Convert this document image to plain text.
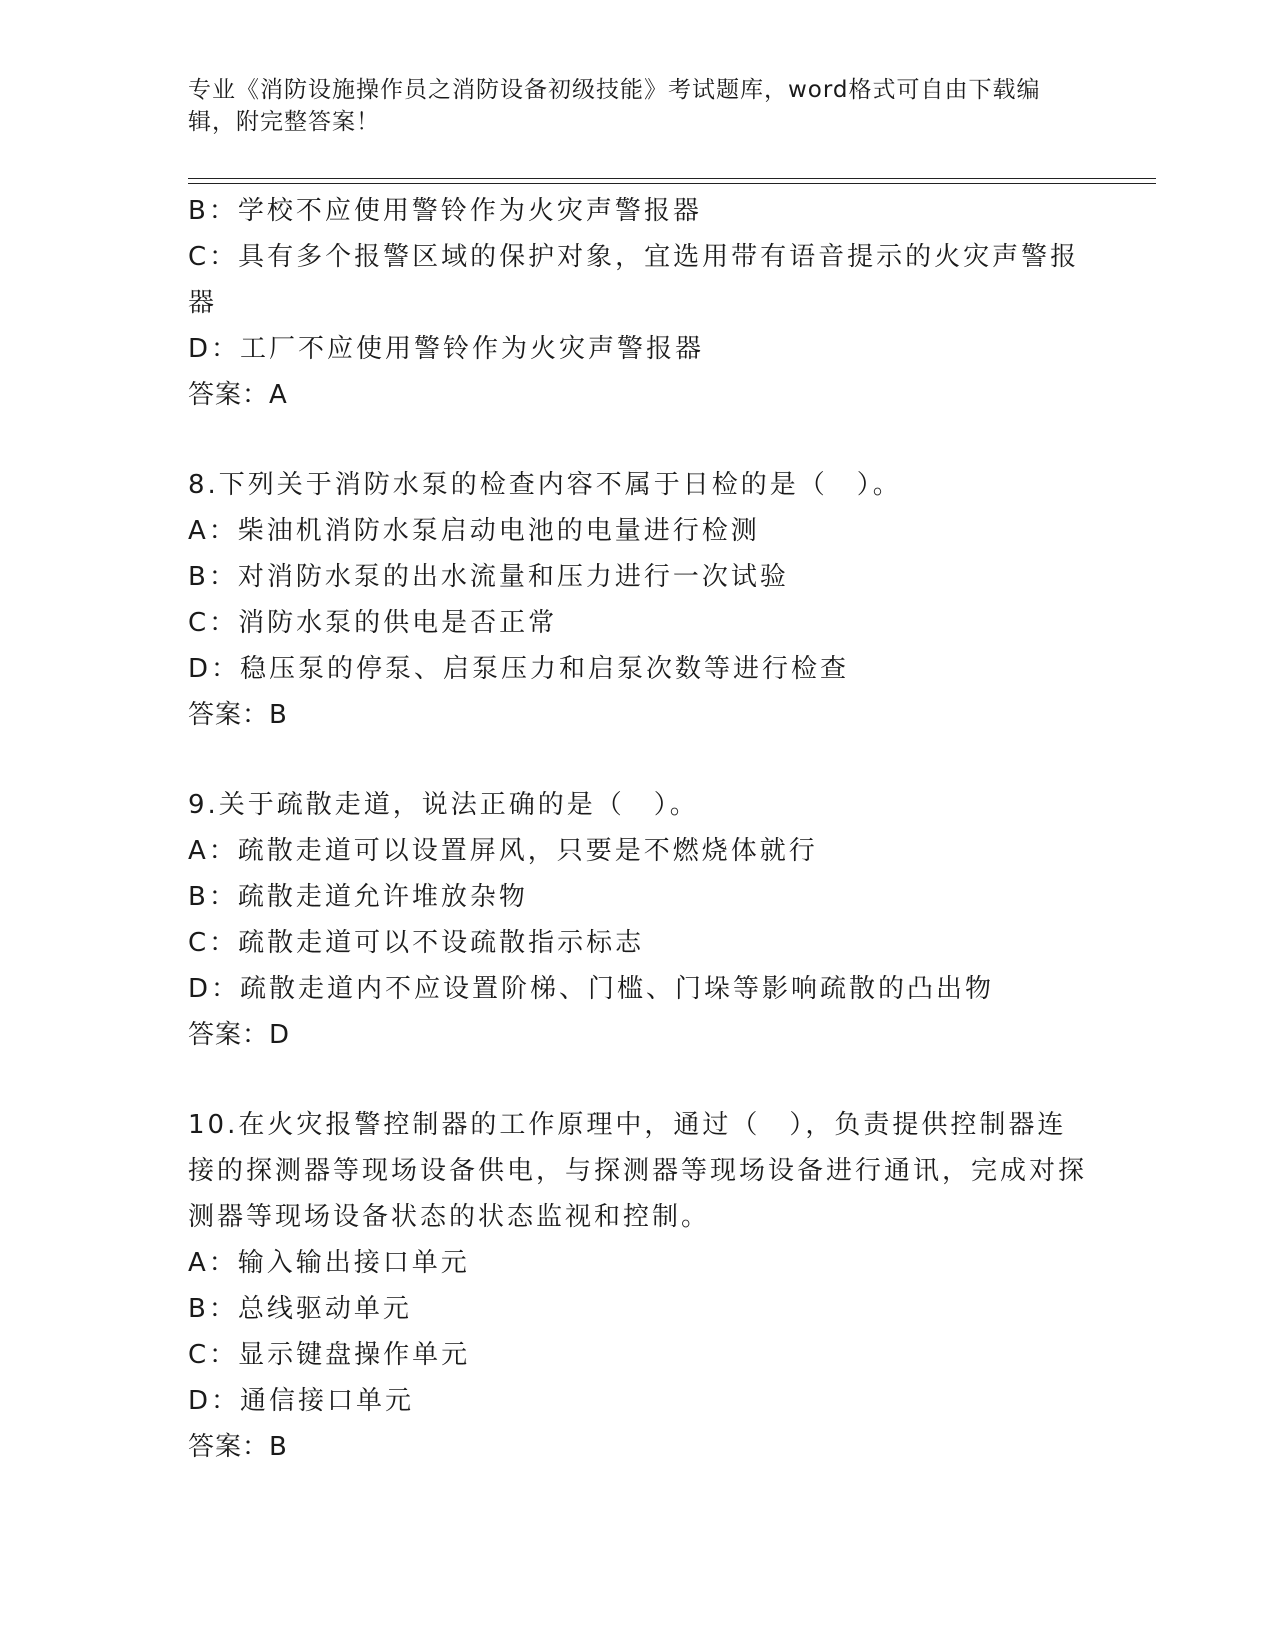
专业《消防设施操作员之消防设备初级技能》考试题库，word格式可自由下载编辑，附完整答案！
B：学校不应使用警铃作为火灾声警报器
C：具有多个报警区域的保护对象，宜选用带有语音提示的火灾声警报器
D：工厂不应使用警铃作为火灾声警报器
答案：A
8.下列关于消防水泵的检查内容不属于日检的是（　）。
A：柴油机消防水泵启动电池的电量进行检测
B：对消防水泵的出水流量和压力进行一次试验
C：消防水泵的供电是否正常
D：稳压泵的停泵、启泵压力和启泵次数等进行检查
答案：B
9.关于疏散走道，说法正确的是（　）。
A：疏散走道可以设置屏风，只要是不燃烧体就行
B：疏散走道允许堆放杂物
C：疏散走道可以不设疏散指示标志
D：疏散走道内不应设置阶梯、门槛、门垛等影响疏散的凸出物
答案：D
10.在火灾报警控制器的工作原理中，通过（　），负责提供控制器连接的探测器等现场设备供电，与探测器等现场设备进行通讯，完成对探测器等现场设备状态的状态监视和控制。
A：输入输出接口单元
B：总线驱动单元
C：显示键盘操作单元
D：通信接口单元
答案：B
